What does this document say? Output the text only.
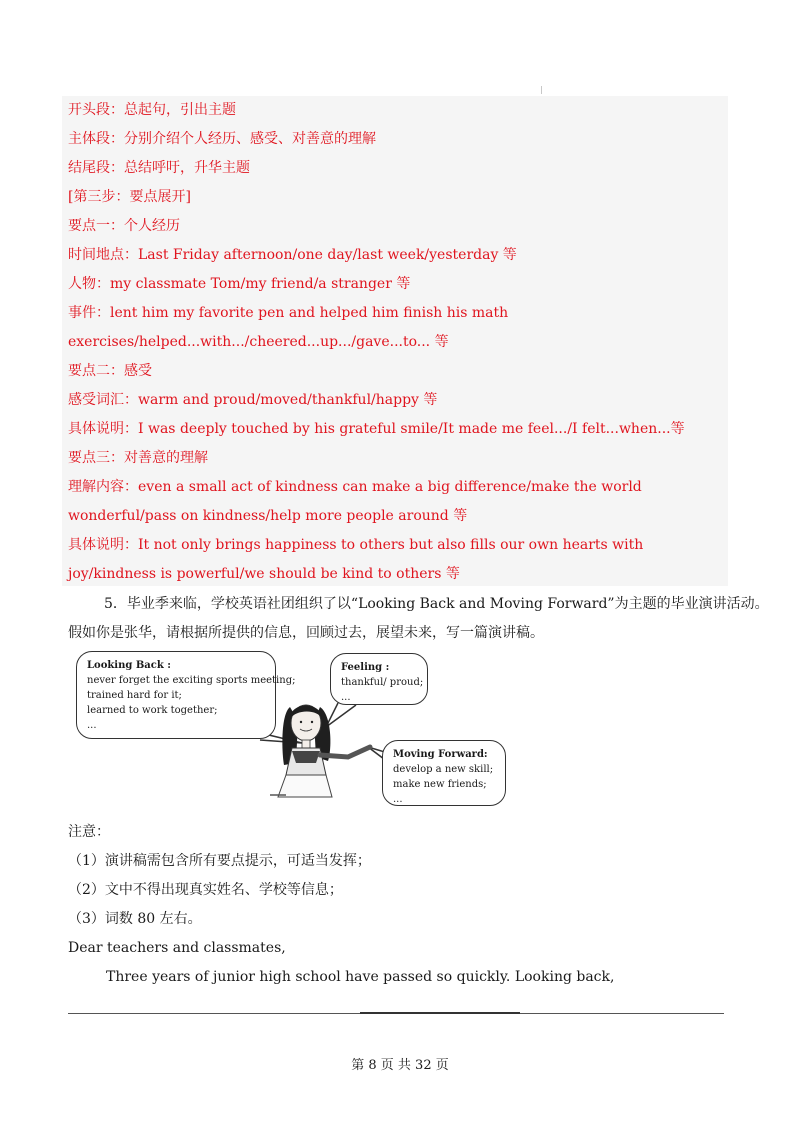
开头段：总起句，引出主题
主体段：分别介绍个人经历、感受、对善意的理解
结尾段：总结呼吁，升华主题
[第三步：要点展开]
要点一：个人经历
时间地点：Last Friday afternoon/one day/last week/yesterday 等
人物：my classmate Tom/my friend/a stranger 等
事件：lent him my favorite pen and helped him finish his math exercises/helped...with.../cheered...up.../gave...to... 等
要点二：感受
感受词汇：warm and proud/moved/thankful/happy 等
具体说明：I was deeply touched by his grateful smile/It made me feel.../I felt...when...等
要点三：对善意的理解
理解内容：even a small act of kindness can make a big difference/make the world wonderful/pass on kindness/help more people around 等
具体说明：It not only brings happiness to others but also fills our own hearts with joy/kindness is powerful/we should be kind to others 等
5．毕业季来临，学校英语社团组织了以“Looking Back and Moving Forward”为主题的毕业演讲活动。
假如你是张华，请根据所提供的信息，回顾过去，展望未来，写一篇演讲稿。
Looking Back :
never forget the exciting sports meeting;
trained hard for it;
learned to work together;
...
Feeling :
thankful/ proud;
...
Moving Forward:
develop a new skill;
make new friends;
...
注意：
（1）演讲稿需包含所有要点提示，可适当发挥；
（2）文中不得出现真实姓名、学校等信息；
（3）词数 80 左右。
Dear teachers and classmates,
Three years of junior high school have passed so quickly. Looking back,
第 8 页 共 32 页
